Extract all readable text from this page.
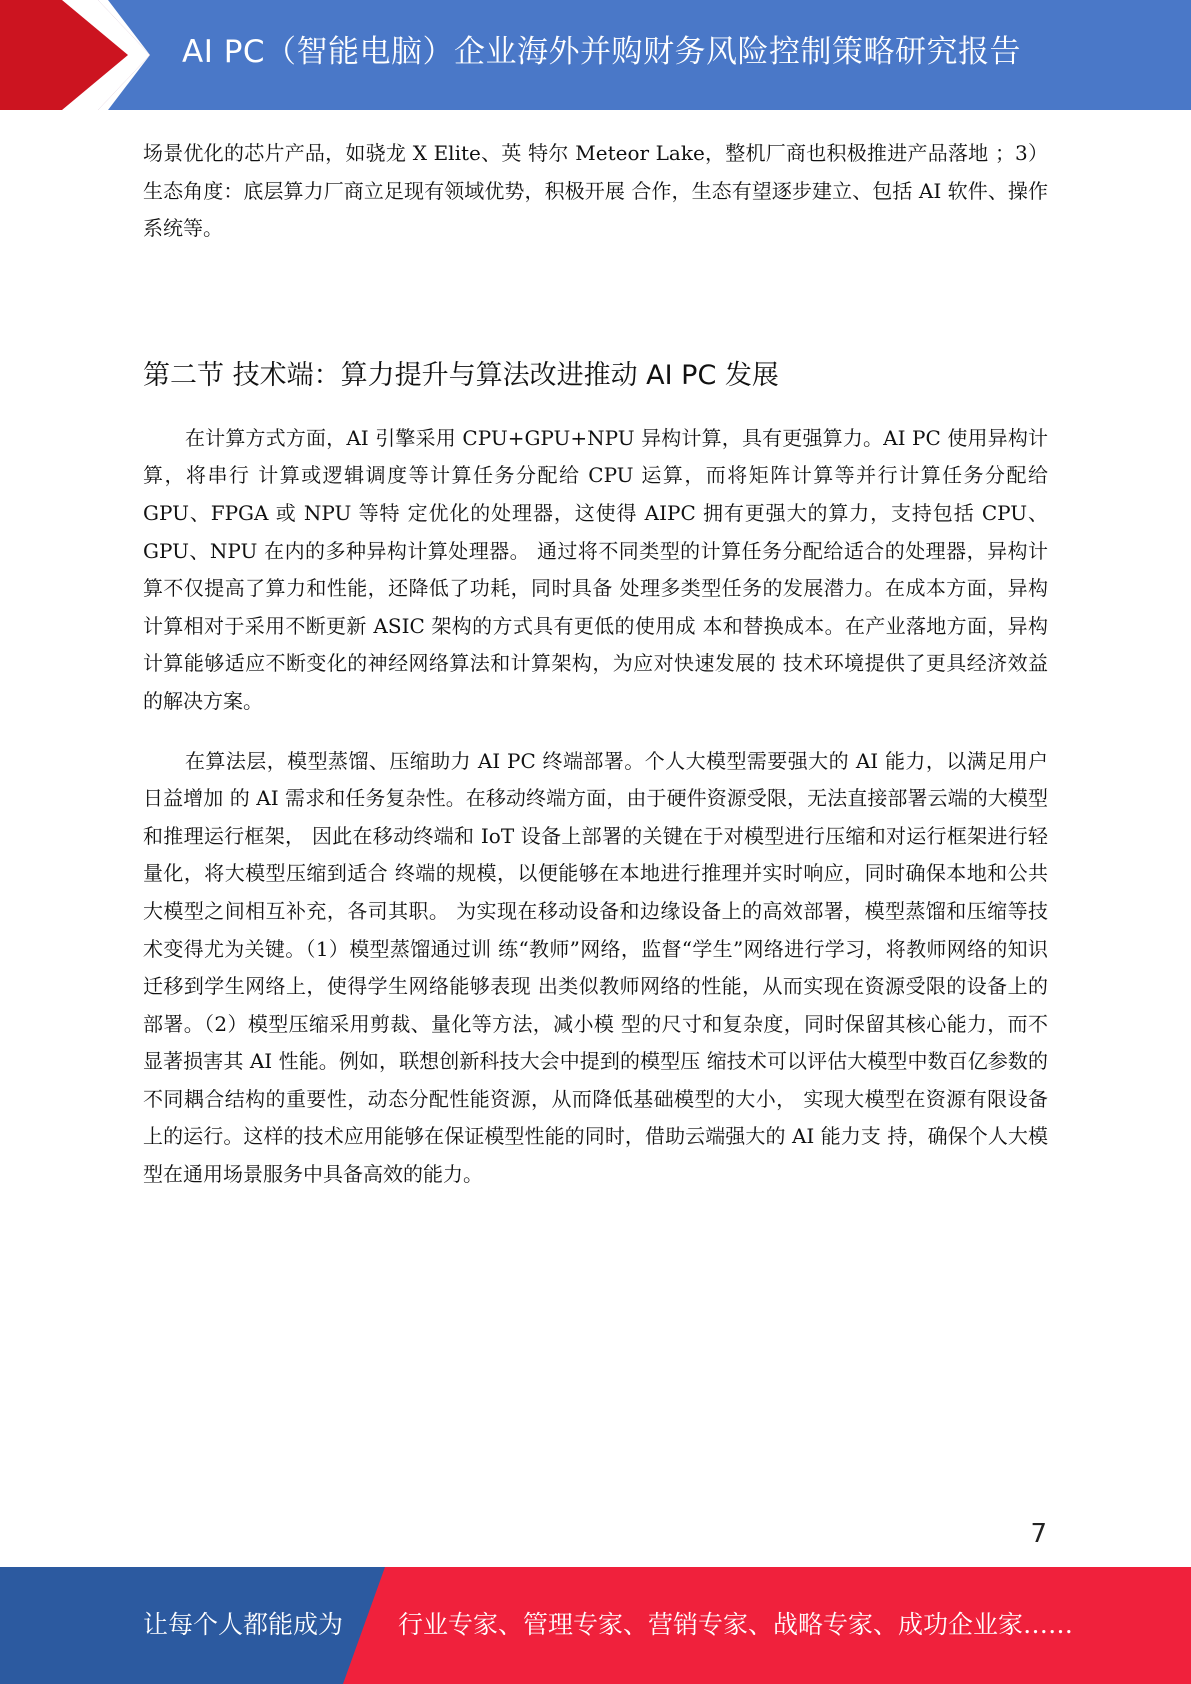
AI PC（智能电脑）企业海外并购财务风险控制策略研究报告

场景优化的芯片产品，如骁龙 X Elite、英 特尔 Meteor Lake，整机厂商也积极推进产品落地 ；3）生态角度：底层算力厂商立足现有领域优势，积极开展 合作，生态有望逐步建立、包括 AI 软件、操作系统等。

第二节 技术端：算力提升与算法改进推动 AI PC 发展

在计算方式方面，AI 引擎采用 CPU+GPU+NPU 异构计算，具有更强算力。AI PC 使用异构计算，将串行 计算或逻辑调度等计算任务分配给 CPU 运算，而将矩阵计算等并行计算任务分配给 GPU、FPGA 或 NPU 等特 定优化的处理器，这使得 AIPC 拥有更强大的算力，支持包括 CPU、GPU、NPU 在内的多种异构计算处理器。 通过将不同类型的计算任务分配给适合的处理器，异构计算不仅提高了算力和性能，还降低了功耗，同时具备 处理多类型任务的发展潜力。在成本方面，异构计算相对于采用不断更新 ASIC 架构的方式具有更低的使用成 本和替换成本。在产业落地方面，异构计算能够适应不断变化的神经网络算法和计算架构，为应对快速发展的 技术环境提供了更具经济效益的解决方案。

在算法层，模型蒸馏、压缩助力 AI PC 终端部署。个人大模型需要强大的 AI 能力，以满足用户日益增加 的 AI 需求和任务复杂性。在移动终端方面，由于硬件资源受限，无法直接部署云端的大模型和推理运行框架， 因此在移动终端和 IoT 设备上部署的关键在于对模型进行压缩和对运行框架进行轻量化，将大模型压缩到适合 终端的规模，以便能够在本地进行推理并实时响应，同时确保本地和公共大模型之间相互补充，各司其职。 为实现在移动设备和边缘设备上的高效部署，模型蒸馏和压缩等技术变得尤为关键。（1）模型蒸馏通过训 练“教师”网络，监督“学生”网络进行学习，将教师网络的知识迁移到学生网络上，使得学生网络能够表现 出类似教师网络的性能，从而实现在资源受限的设备上的部署。（2）模型压缩采用剪裁、量化等方法，减小模 型的尺寸和复杂度，同时保留其核心能力，而不显著损害其 AI 性能。例如，联想创新科技大会中提到的模型压 缩技术可以评估大模型中数百亿参数的不同耦合结构的重要性，动态分配性能资源，从而降低基础模型的大小， 实现大模型在资源有限设备上的运行。这样的技术应用能够在保证模型性能的同时，借助云端强大的 AI 能力支 持，确保个人大模型在通用场景服务中具备高效的能力。

7
让每个人都能成为 行业专家、管理专家、营销专家、战略专家、成功企业家……
